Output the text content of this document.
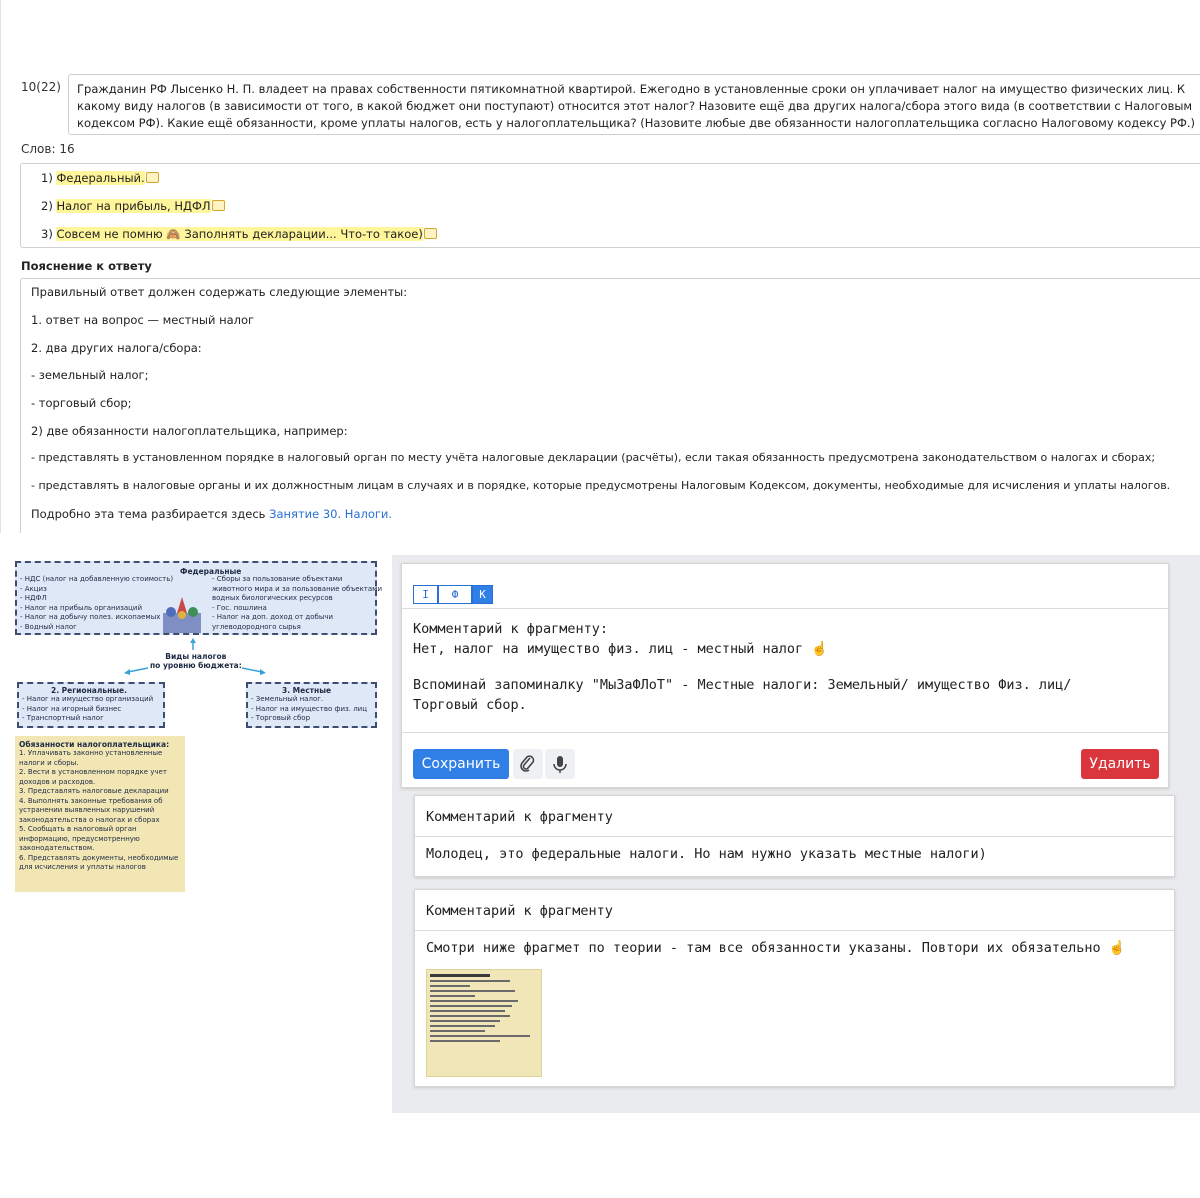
10(22)	Гражданин РФ Лысенко Н. П. владеет на правах собственности пятикомнатной квартирой. Ежегодно в установленные сроки он уплачивает налог на имущество физических лиц. К какому виду налогов (в зависимости от того, в какой бюджет они поступают) относится этот налог? Назовите ещё два других налога/сбора этого вида (в соответствии с Налоговым кодексом РФ). Какие ещё обязанности, кроме уплаты налогов, есть у налогоплательщика? (Назовите любые две обязанности налогоплательщика согласно Налоговому кодексу РФ.)
Слов: 16
1) Федеральный.
2) Налог на прибыль, НДФЛ
3) Совсем не помню 🙈 Заполнять декларации... Что-то такое)
Пояснение к ответу
Правильный ответ должен содержать следующие элементы:
1. ответ на вопрос — местный налог
2. два других налога/сбора:
- земельный налог;
- торговый сбор;
2) две обязанности налогоплательщика, например:
- представлять в установленном порядке в налоговый орган по месту учёта налоговые декларации (расчёты), если такая обязанность предусмотрена законодательством о налогах и сборах;
- представлять в налоговые органы и их должностным лицам в случаях и в порядке, которые предусмотрены Налоговым Кодексом, документы, необходимые для исчисления и уплаты налогов.
Подробно эта тема разбирается здесь Занятие 30. Налоги.
Федеральные
- НДС (налог на добавленную стоимость)
- Акциз
- НДФЛ
- Налог на прибыль организаций
- Налог на добычу полез. ископаемых
- Водный налог
- Сборы за пользование объектами
животного мира и за пользование объектами
водных биологических ресурсов
- Гос. пошлина
- Налог на доп. доход от добычи
углеводородного сырья
Виды налогов
по уровню бюджета:
2. Региональные.
- Налог на имущество организаций
- Налог на игорный бизнес
- Транспортный налог
3. Местные
- Земельный налог.
- Налог на имущество физ. лиц
- Торговый сбор
Обязанности налогоплательщика:
1. Уплачивать законно установленные
налоги и сборы.
2. Вести в установленном порядке учет
доходов и расходов.
3. Представлять налоговые декларации
4. Выполнять законные требования об
устранении выявленных нарушений
законодательства о налогах и сборах
5. Сообщать в налоговый орган
информацию, предусмотренную
законодательством.
6. Представлять документы, необходимые
для исчисления и уплаты налогов
I	Ф	К
Комментарий к фрагменту:
Нет, налог на имущество физ. лиц - местный налог ☝️
Вспоминай запоминалку "МыЗаФЛоТ" - Местные налоги: Земельный/ имущество Физ. лиц/
Торговый сбор.
Сохранить	Удалить
Комментарий к фрагменту
Молодец, это федеральные налоги. Но нам нужно указать местные налоги)
Комментарий к фрагменту
Смотри ниже фрагмет по теории - там все обязанности указаны. Повтори их обязательно ☝️
